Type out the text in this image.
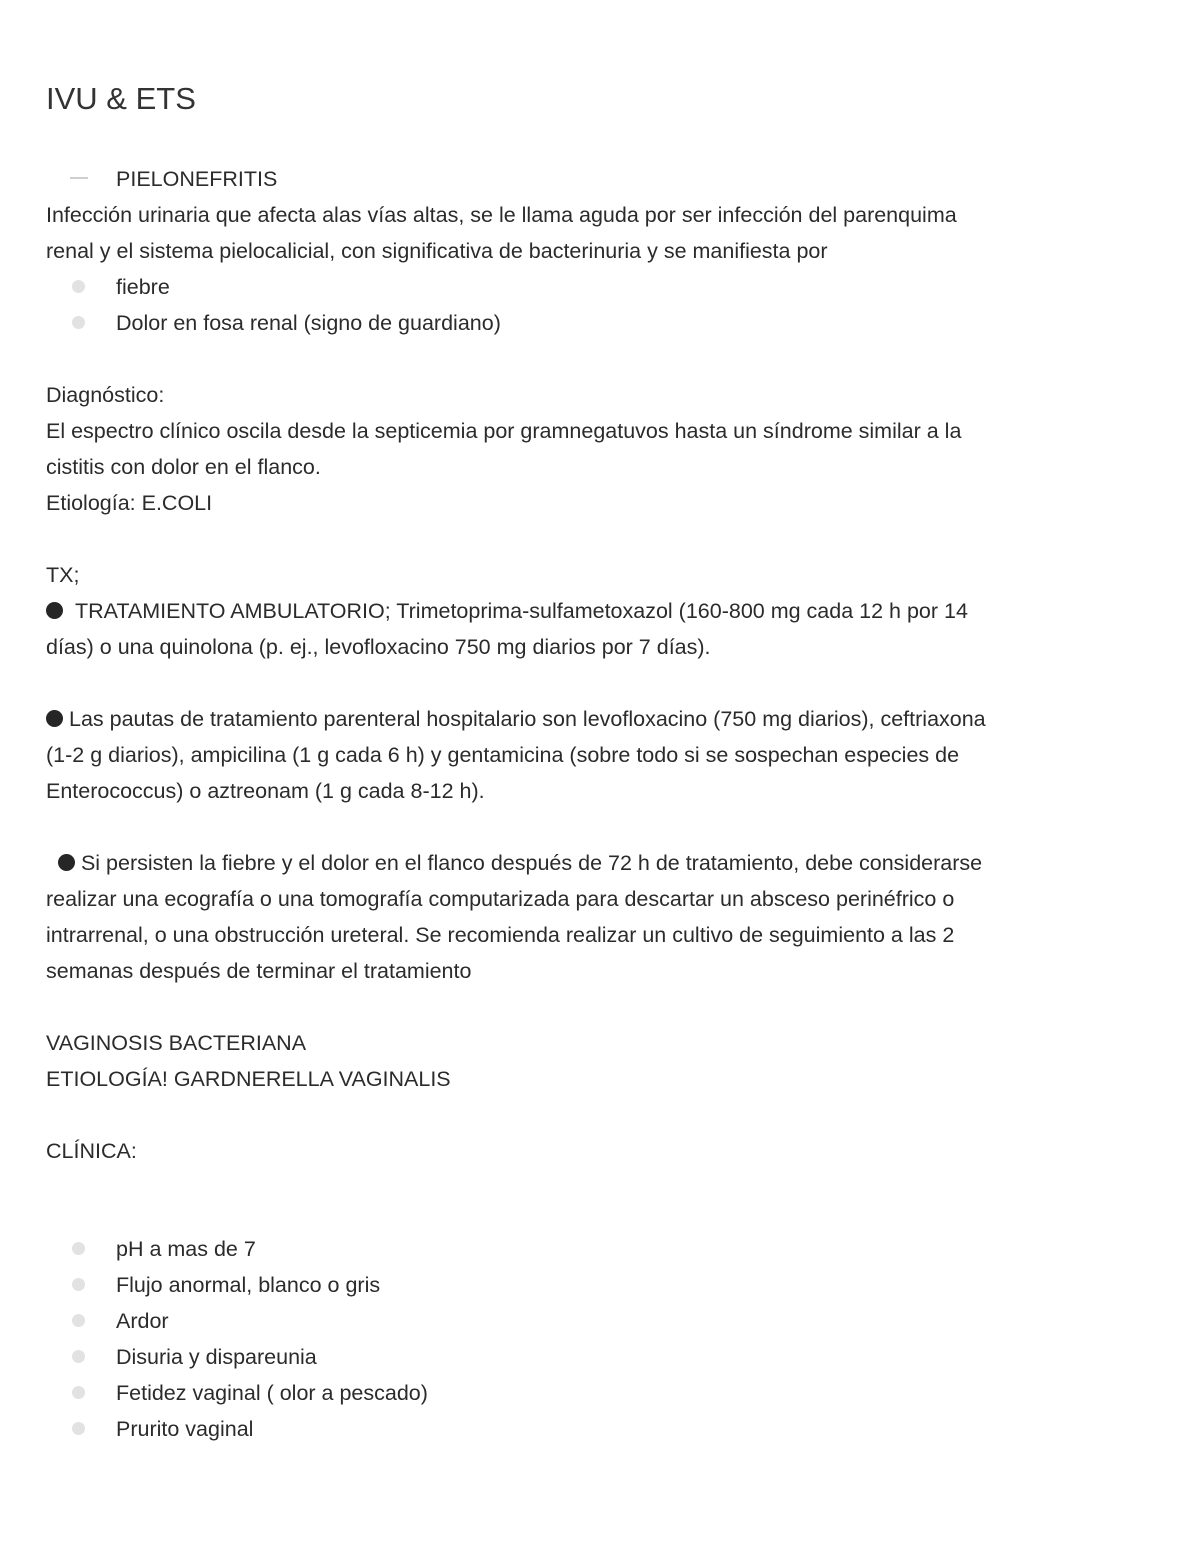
IVU & ETS
PIELONEFRITIS
Infección urinaria que afecta alas vías altas, se le llama aguda por ser infección del parenquima
renal y el sistema pielocalicial, con significativa de bacterinuria y se manifiesta por
fiebre
Dolor en fosa renal (signo de guardiano)
Diagnóstico:
El espectro clínico oscila desde la septicemia por gramnegatuvos hasta un síndrome similar a la
cistitis con dolor en el flanco.
Etiología: E.COLI
TX;
TRATAMIENTO AMBULATORIO; Trimetoprima-sulfametoxazol (160-800 mg cada 12 h por 14
días) o una quinolona (p. ej., levofloxacino 750 mg diarios por 7 días).
Las pautas de tratamiento parenteral hospitalario son levofloxacino (750 mg diarios), ceftriaxona
(1-2 g diarios), ampicilina (1 g cada 6 h) y gentamicina (sobre todo si se sospechan especies de
Enterococcus) o aztreonam (1 g cada 8-12 h).
Si persisten la fiebre y el dolor en el flanco después de 72 h de tratamiento, debe considerarse
realizar una ecografía o una tomografía computarizada para descartar un absceso perinéfrico o
intrarrenal, o una obstrucción ureteral. Se recomienda realizar un cultivo de seguimiento a las 2
semanas después de terminar el tratamiento
VAGINOSIS BACTERIANA
ETIOLOGÍA! GARDNERELLA VAGINALIS
CLÍNICA:
pH a mas de 7
Flujo anormal, blanco o gris
Ardor
Disuria y dispareunia
Fetidez vaginal ( olor a pescado)
Prurito vaginal
